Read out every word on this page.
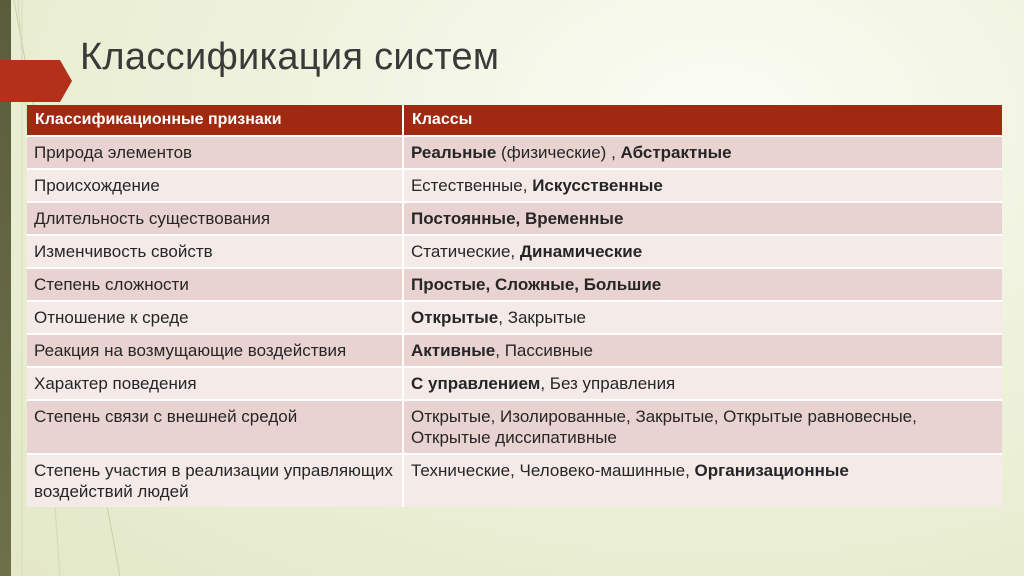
Классификация систем
Классификационные признаки	Классы
Природа элементов	Реальные (физические) , Абстрактные
Происхождение	Естественные, Искусственные
Длительность существования	Постоянные, Временные
Изменчивость свойств	Статические, Динамические
Степень сложности	Простые, Сложные, Большие
Отношение к среде	Открытые, Закрытые
Реакция на возмущающие воздействия	Активные, Пассивные
Характер поведения	С управлением, Без управления
Степень связи с внешней средой	Открытые, Изолированные, Закрытые, Открытые равновесные,
Открытые диссипативные
Степень участия в реализации управляющих воздействий людей	Технические, Человеко-машинные, Организационные
